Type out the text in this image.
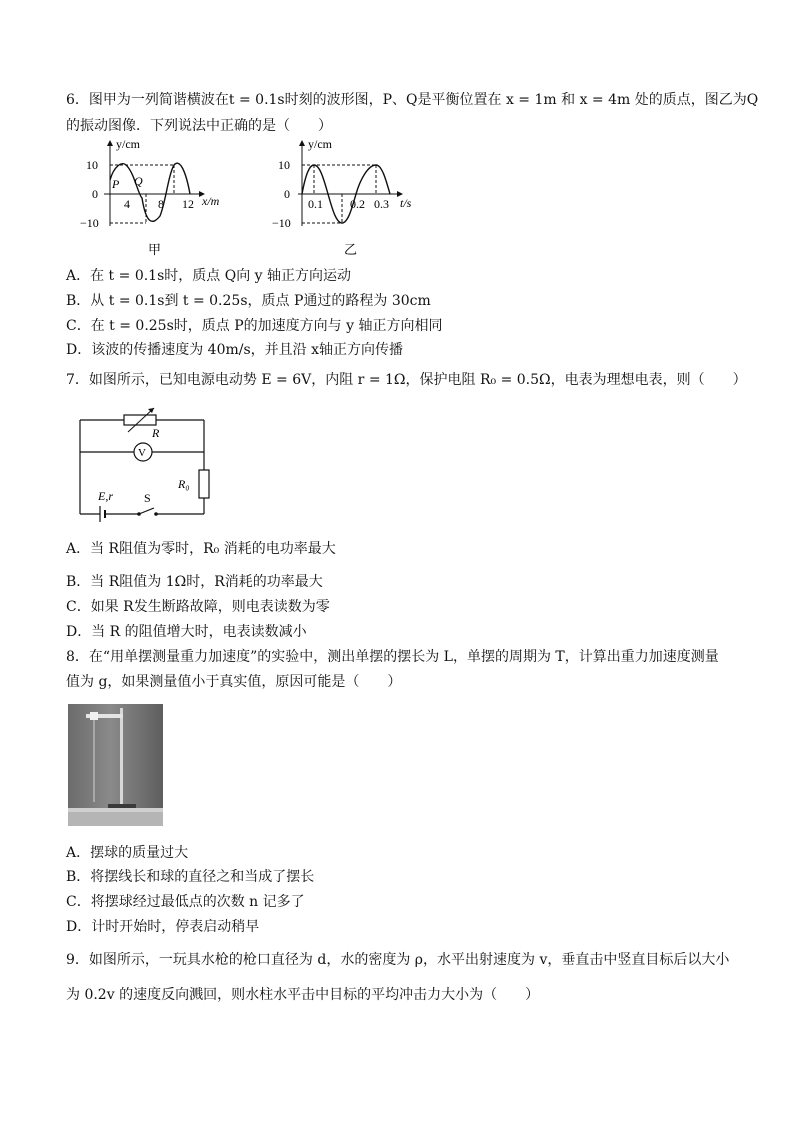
6．图甲为一列简谐横波在t = 0.1s时刻的波形图，P、Q是平衡位置在 x = 1m 和 x = 4m 处的质点，图乙为Q
的振动图像．下列说法中正确的是（　　）
y/cm
x/m
10
0
−10
4 8 12
P Q
甲
y/cm
t/s
10
0
−10
0.1 0.2 0.3
乙
A．在 t = 0.1s时，质点 Q向 y 轴正方向运动
B．从 t = 0.1s到 t = 0.25s，质点 P通过的路程为 30cm
C．在 t = 0.25s时，质点 P的加速度方向与 y 轴正方向相同
D．该波的传播速度为 40m/s，并且沿 x轴正方向传播
7．如图所示，已知电源电动势 E = 6V，内阻 r = 1Ω，保护电阻 R₀ = 0.5Ω，电表为理想电表，则（　　）
V
R
R₀
E,r	S
A．当 R阻值为零时，R₀ 消耗的电功率最大
B．当 R阻值为 1Ω时，R消耗的功率最大
C．如果 R发生断路故障，则电表读数为零
D．当 R 的阻值增大时，电表读数减小
8．在“用单摆测量重力加速度”的实验中，测出单摆的摆长为 L，单摆的周期为 T，计算出重力加速度测量
值为 g，如果测量值小于真实值，原因可能是（　　）
A．摆球的质量过大
B．将摆线长和球的直径之和当成了摆长
C．将摆球经过最低点的次数 n 记多了
D．计时开始时，停表启动稍早
9．如图所示，一玩具水枪的枪口直径为 d，水的密度为 ρ，水平出射速度为 v，垂直击中竖直目标后以大小
为 0.2v 的速度反向溅回，则水柱水平击中目标的平均冲击力大小为（　　）
